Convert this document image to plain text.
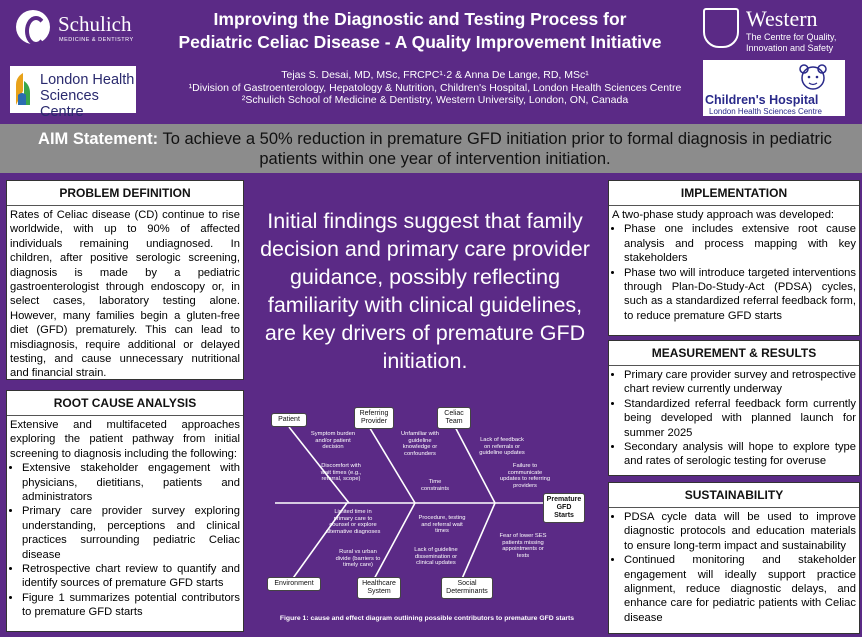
Schulich
MEDICINE & DENTISTRY
London Health
Sciences Centre
Improving the Diagnostic and Testing Process for
Pediatric Celiac Disease - A Quality Improvement Initiative
Tejas S. Desai, MD, MSc, FRCPC¹·2 & Anna De Lange, RD, MSc¹
¹Division of Gastroenterology, Hepatology & Nutrition, Children's Hospital, London Health Sciences Centre
²Schulich School of Medicine & Dentistry, Western University, London, ON, Canada
Western
The Centre for Quality,
Innovation and Safety
Children's Hospital
London Health Sciences Centre
AIM Statement: To achieve a 50% reduction in premature GFD initiation prior to formal diagnosis in pediatric patients within one year of intervention initiation.
PROBLEM DEFINITION
Rates of Celiac disease (CD) continue to rise worldwide, with up to 90% of affected individuals remaining undiagnosed. In children, after positive serologic screening, diagnosis is made by a pediatric gastroenterologist through endoscopy or, in select cases, laboratory testing alone. However, many families begin a gluten-free diet (GFD) prematurely. This can lead to misdiagnosis, require additional or delayed testing, and cause unnecessary nutritional and financial strain.
ROOT CAUSE ANALYSIS
Extensive and multifaceted approaches exploring the patient pathway from initial screening to diagnosis including the following:
• Extensive stakeholder engagement with physicians, dietitians, patients and administrators
• Primary care provider survey exploring understanding, perceptions and clinical practices surrounding pediatric Celiac disease
• Retrospective chart review to quantify and identify sources of premature GFD starts
• Figure 1 summarizes potential contributors to premature GFD starts
Initial findings suggest that family decision and primary care provider guidance, possibly reflecting familiarity with clinical guidelines, are key drivers of premature GFD initiation.
Patient
Referring Provider
Celiac Team
Premature GFD Starts
Environment	Healthcare System
Social Determinants
Symptom burden and/or patient decision
Discomfort with wait times (e.g., referral, scope)
Unfamiliar with guideline knowledge or confounders
Time constraints
Lack of feedback on referrals or guideline updates
Failure to communicate updates to referring providers
Limited time in primary care to counsel or explore alternative diagnoses
Rural vs urban divide (barriers to timely care)
Procedure, testing and referral wait times
Lack of guideline dissemination or clinical updates
Fear of lower SES patients missing appointments or tests
Figure 1: cause and effect diagram outlining possible contributors to premature GFD starts
IMPLEMENTATION
A two-phase study approach was developed:
• Phase one includes extensive root cause analysis and process mapping with key stakeholders
• Phase two will introduce targeted interventions through Plan-Do-Study-Act (PDSA) cycles, such as a standardized referral feedback form, to reduce premature GFD starts
MEASUREMENT & RESULTS
• Primary care provider survey and retrospective chart review currently underway
• Standardized referral feedback form currently being developed with planned launch for summer 2025
• Secondary analysis will hope to explore type and rates of serologic testing for overuse
SUSTAINABILITY
• PDSA cycle data will be used to improve diagnostic protocols and education materials to ensure long-term impact and sustainability
• Continued monitoring and stakeholder engagement will ideally support practice alignment, reduce diagnostic delays, and enhance care for pediatric patients with Celiac disease
